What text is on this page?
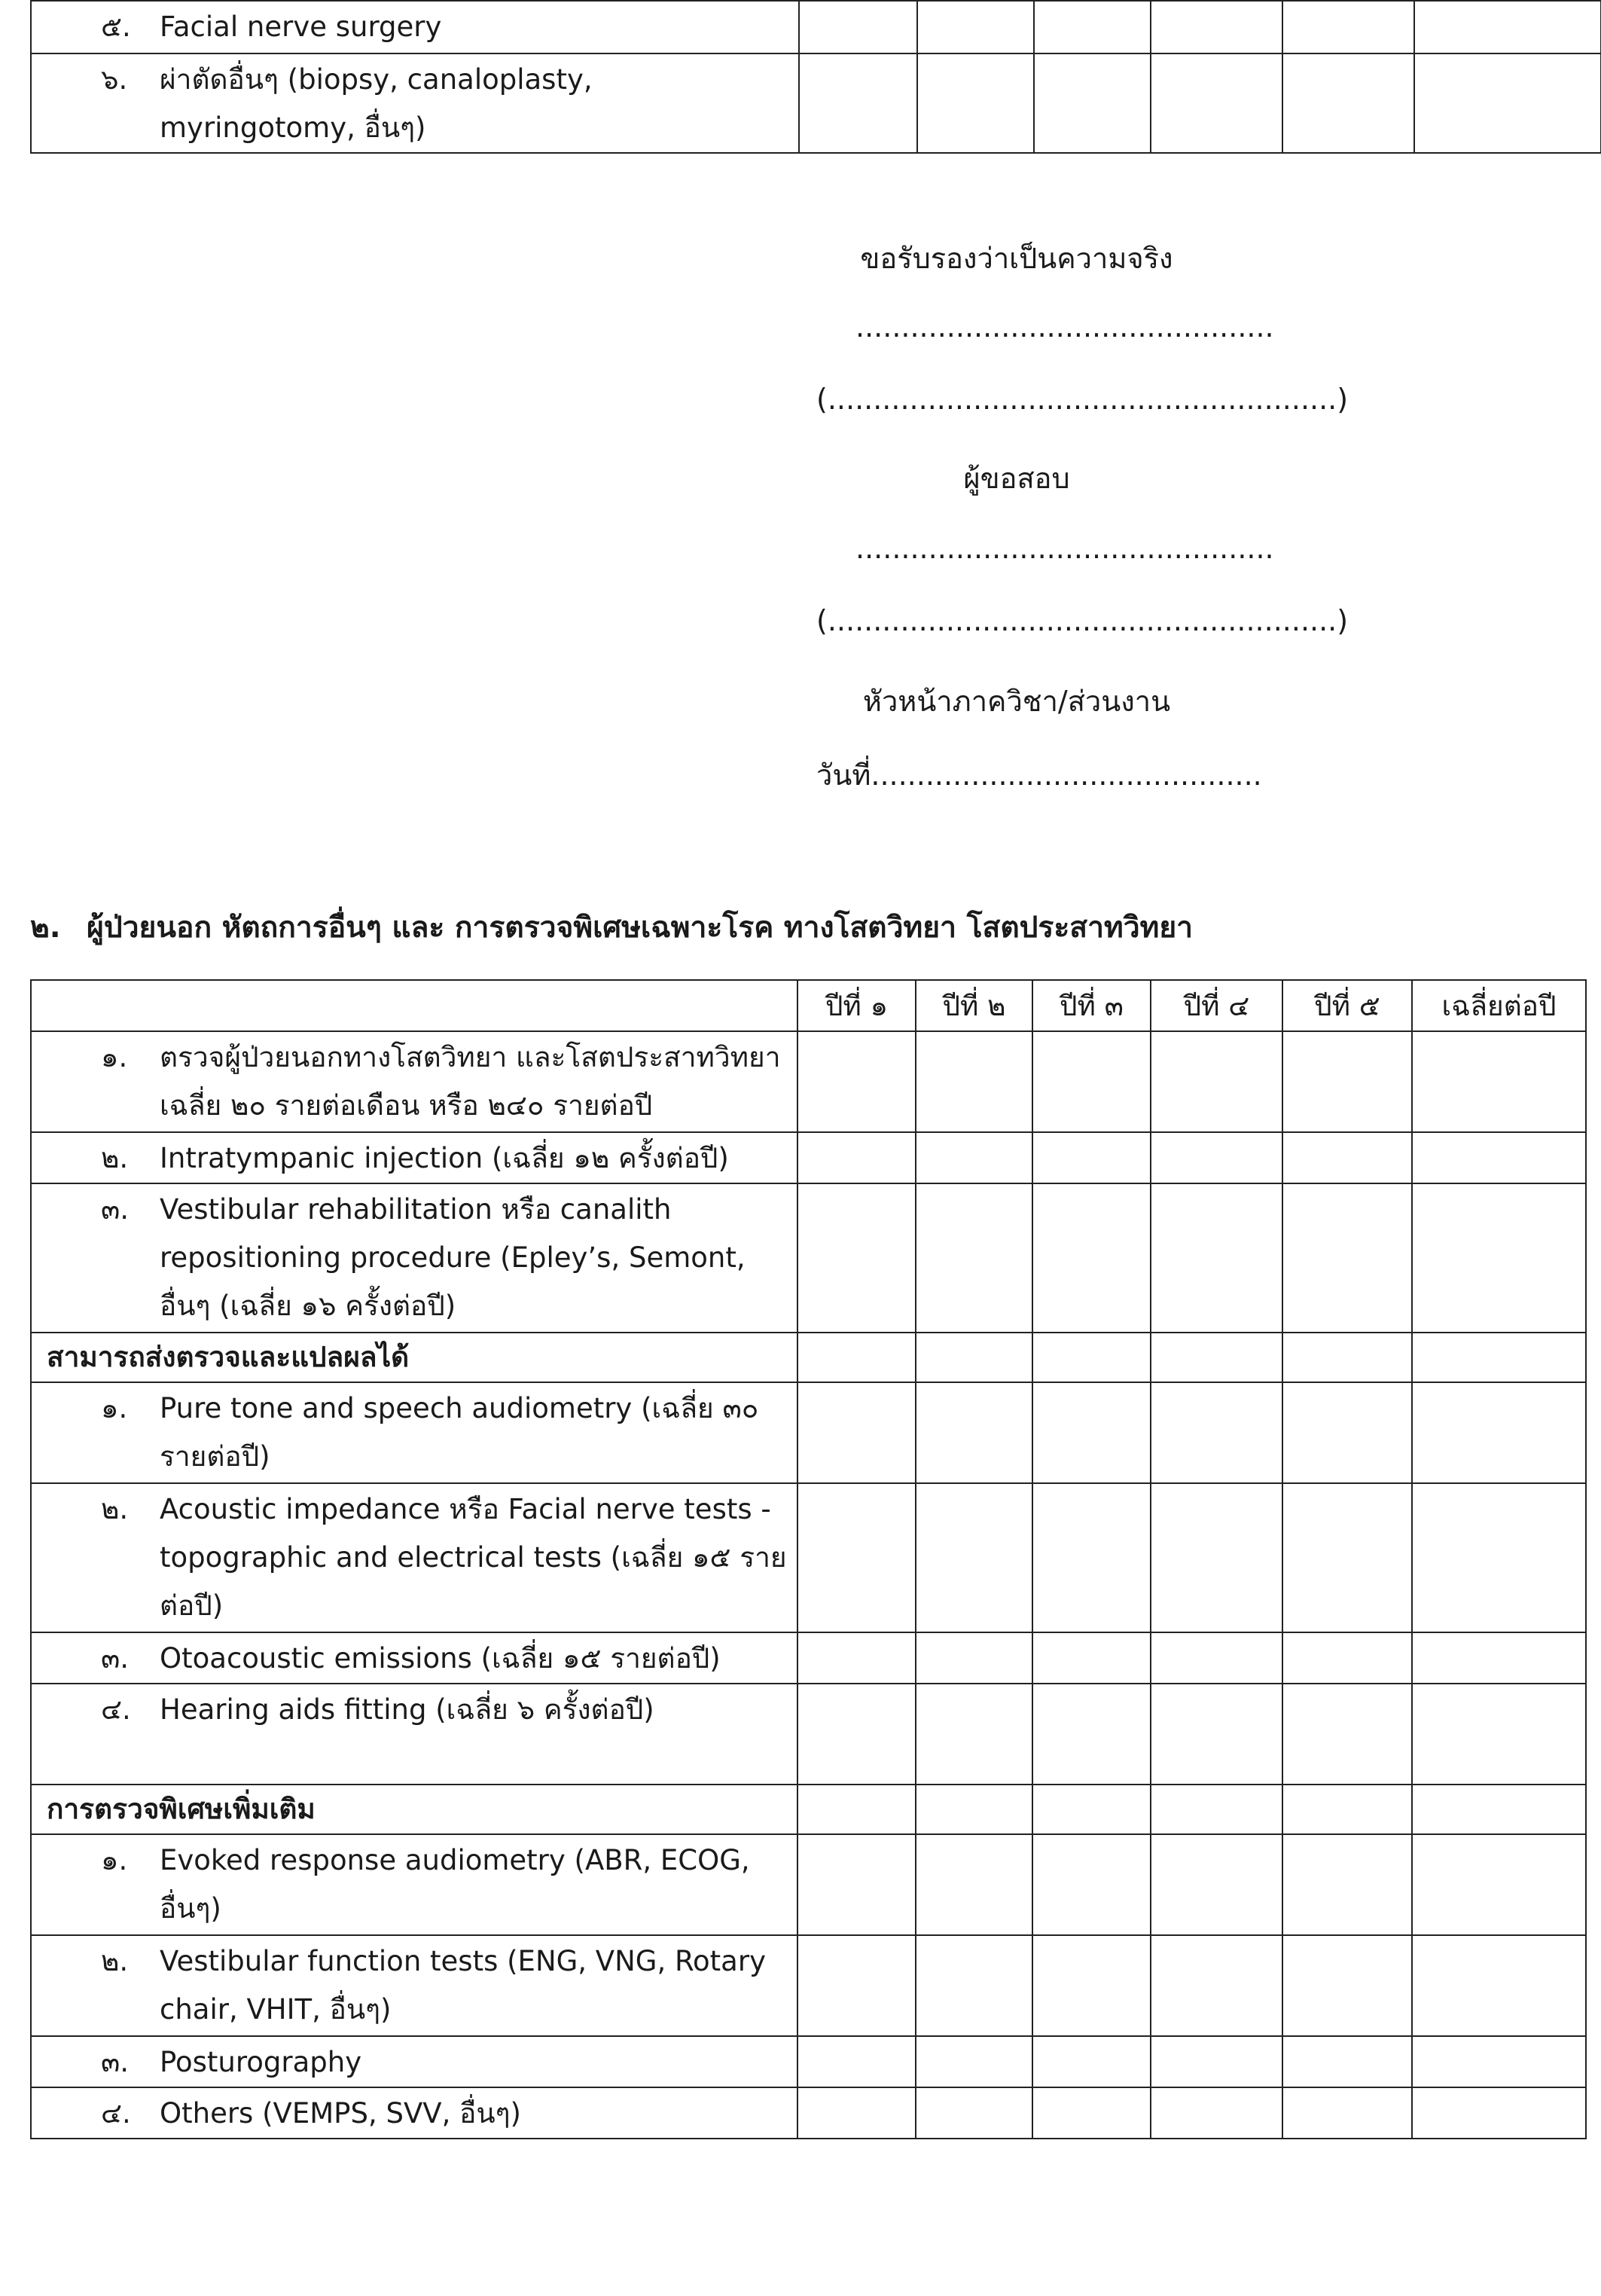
๕. Facial nerve surgery						

๖. ผ่าตัดอื่นๆ (biopsy, canaloplasty, myringotomy, อื่นๆ)						

ขอรับรองว่าเป็นความจริง
..............................................
(........................................................)
ผู้ขอสอบ
..............................................
(........................................................)
หัวหน้าภาควิชา/ส่วนงาน
วันที่...........................................
๒. ผู้ป่วยนอก หัตถการอื่นๆ และ การตรวจพิเศษเฉพาะโรค ทางโสตวิทยา โสตประสาทวิทยา
	ปีที่ ๑	ปีที่ ๒	ปีที่ ๓	ปีที่ ๔	ปีที่ ๕	เฉลี่ยต่อปี

๑. ตรวจผู้ป่วยนอกทางโสตวิทยา และโสตประสาทวิทยา เฉลี่ย ๒๐ รายต่อเดือน หรือ ๒๔๐ รายต่อปี						

๒. Intratympanic injection (เฉลี่ย ๑๒ ครั้งต่อปี)						

๓. Vestibular rehabilitation หรือ canalith repositioning procedure (Epley’s, Semont, อื่นๆ (เฉลี่ย ๑๖ ครั้งต่อปี)						

สามารถส่งตรวจและแปลผลได้						

๑. Pure tone and speech audiometry (เฉลี่ย ๓๐ รายต่อปี)						

๒. Acoustic impedance หรือ Facial nerve tests - topographic and electrical tests (เฉลี่ย ๑๕ ราย ต่อปี)						

๓. Otoacoustic emissions (เฉลี่ย ๑๕ รายต่อปี)						

๔. Hearing aids fitting (เฉลี่ย ๖ ครั้งต่อปี)						

การตรวจพิเศษเพิ่มเติม						

๑. Evoked response audiometry (ABR, ECOG, อื่นๆ)						

๒. Vestibular function tests (ENG, VNG, Rotary chair, VHIT, อื่นๆ)						

๓. Posturography						

๔. Others (VEMPS, SVV, อื่นๆ)						
